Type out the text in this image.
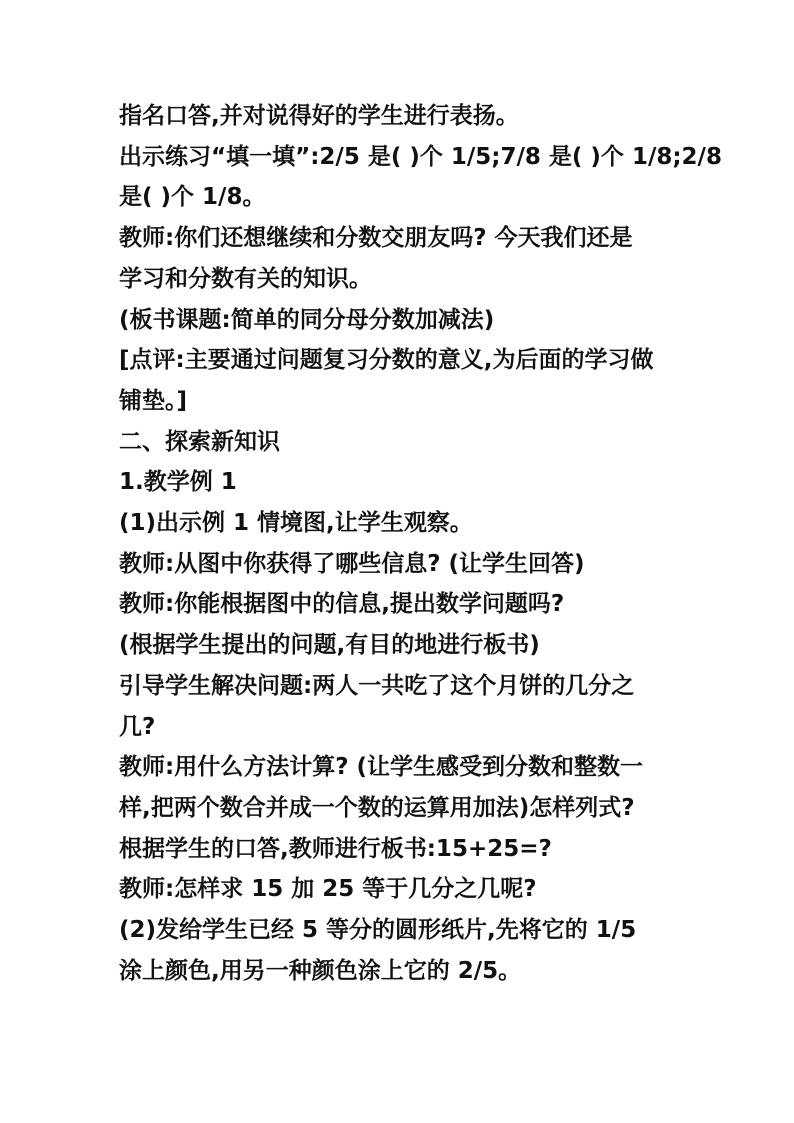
指名口答,并对说得好的学生进行表扬。
出示练习“填一填”:2/5 是( )个 1/5;7/8 是( )个 1/8;2/8
是( )个 1/8。
教师:你们还想继续和分数交朋友吗? 今天我们还是
学习和分数有关的知识。
(板书课题:简单的同分母分数加减法)
[点评:主要通过问题复习分数的意义,为后面的学习做
铺垫。]
二、探索新知识
1.教学例 1
(1)出示例 1 情境图,让学生观察。
教师:从图中你获得了哪些信息? (让学生回答)
教师:你能根据图中的信息,提出数学问题吗?
(根据学生提出的问题,有目的地进行板书)
引导学生解决问题:两人一共吃了这个月饼的几分之
几?
教师:用什么方法计算? (让学生感受到分数和整数一
样,把两个数合并成一个数的运算用加法)怎样列式?
根据学生的口答,教师进行板书:15+25=?
教师:怎样求 15 加 25 等于几分之几呢?
(2)发给学生已经 5 等分的圆形纸片,先将它的 1/5
涂上颜色,用另一种颜色涂上它的 2/5。
